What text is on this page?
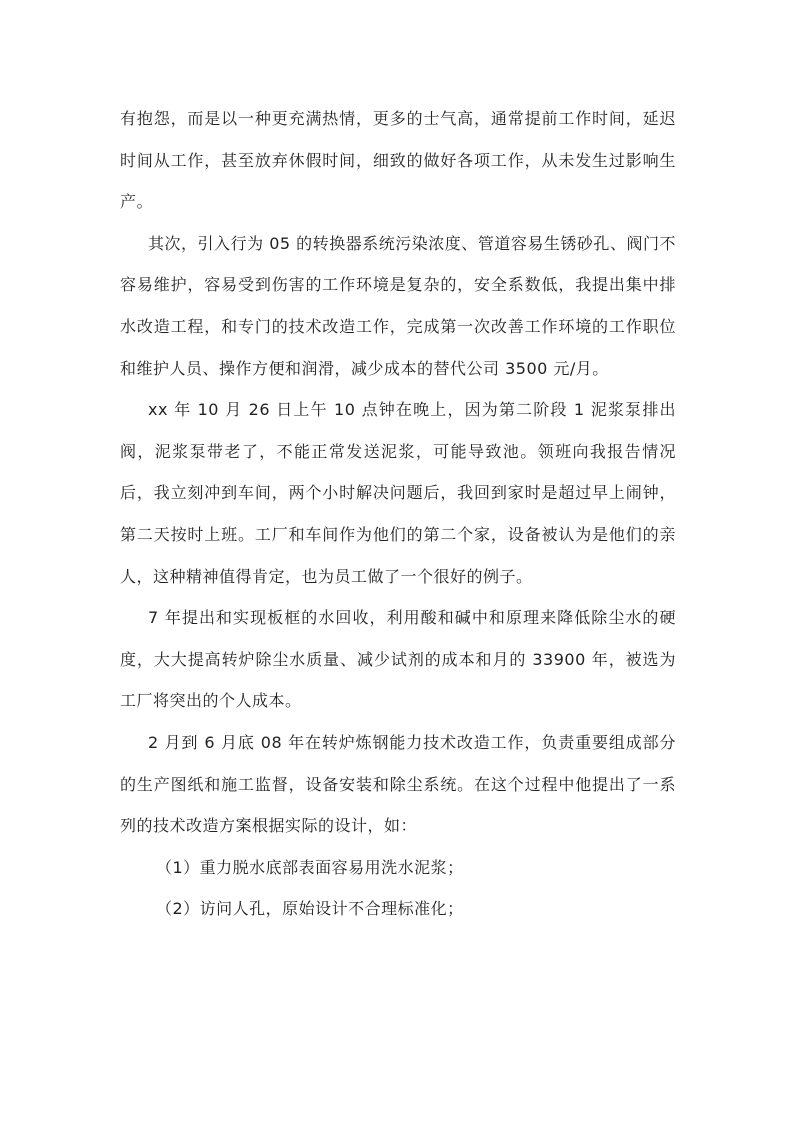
有抱怨，而是以一种更充满热情，更多的士气高，通常提前工作时间，延迟时间从工作，甚至放弃休假时间，细致的做好各项工作，从未发生过影响生产。

其次，引入行为 05 的转换器系统污染浓度、管道容易生锈砂孔、阀门不容易维护，容易受到伤害的工作环境是复杂的，安全系数低，我提出集中排水改造工程，和专门的技术改造工作，完成第一次改善工作环境的工作职位和维护人员、操作方便和润滑，减少成本的替代公司 3500 元/月。

xx 年 10 月 26 日上午 10 点钟在晚上，因为第二阶段 1 泥浆泵排出阀，泥浆泵带老了，不能正常发送泥浆，可能导致池。领班向我报告情况后，我立刻冲到车间，两个小时解决问题后，我回到家时是超过早上闹钟，第二天按时上班。工厂和车间作为他们的第二个家，设备被认为是他们的亲人，这种精神值得肯定，也为员工做了一个很好的例子。

7 年提出和实现板框的水回收，利用酸和碱中和原理来降低除尘水的硬度，大大提高转炉除尘水质量、减少试剂的成本和月的 33900 年，被选为工厂将突出的个人成本。

2 月到 6 月底 08 年在转炉炼钢能力技术改造工作，负责重要组成部分的生产图纸和施工监督，设备安装和除尘系统。在这个过程中他提出了一系列的技术改造方案根据实际的设计，如：

（1）重力脱水底部表面容易用洗水泥浆；

（2）访问人孔，原始设计不合理标准化；
